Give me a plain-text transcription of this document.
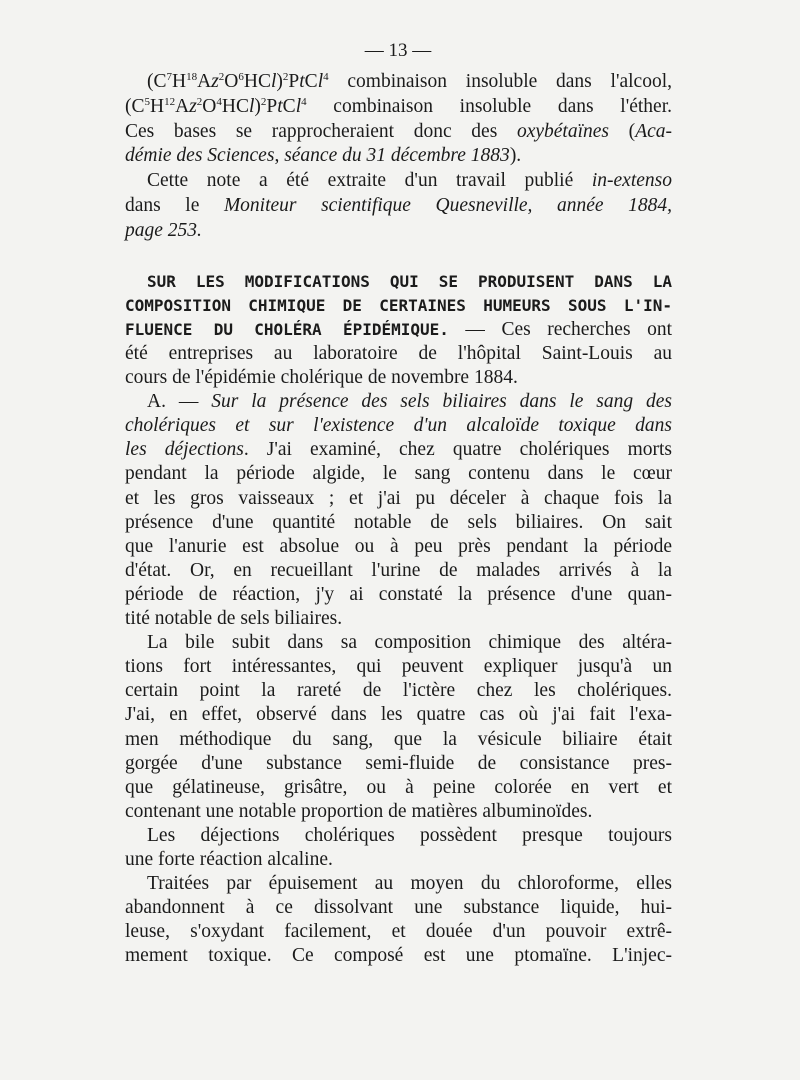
— 13 —
$(C^7H^{18}Az^2O^6HCl)^2PtCl^4$ combinaison insoluble dans l'alcool,
$(C^5H^{12}Az^2O^4HCl)^2PtCl^4$ combinaison insoluble dans l'éther.
Ces bases se rapprocheraient donc des oxybétaïnes (Aca-
démie des Sciences, séance du 31 décembre 1883).
Cette note a été extraite d'un travail publié in-extenso
dans le Moniteur scientifique Quesneville, année 1884,
page 253.
SUR LES MODIFICATIONS QUI SE PRODUISENT DANS LA
COMPOSITION CHIMIQUE DE CERTAINES HUMEURS SOUS L'IN-
FLUENCE DU CHOLÉRA ÉPIDÉMIQUE. — Ces recherches ont
été entreprises au laboratoire de l'hôpital Saint-Louis au
cours de l'épidémie cholérique de novembre 1884.
A. — Sur la présence des sels biliaires dans le sang des
cholériques et sur l'existence d'un alcaloïde toxique dans
les déjections. J'ai examiné, chez quatre cholériques morts
pendant la période algide, le sang contenu dans le cœur
et les gros vaisseaux ; et j'ai pu déceler à chaque fois la
présence d'une quantité notable de sels biliaires. On sait
que l'anurie est absolue ou à peu près pendant la période
d'état. Or, en recueillant l'urine de malades arrivés à la
période de réaction, j'y ai constaté la présence d'une quan-
tité notable de sels biliaires.
La bile subit dans sa composition chimique des altéra-
tions fort intéressantes, qui peuvent expliquer jusqu'à un
certain point la rareté de l'ictère chez les cholériques.
J'ai, en effet, observé dans les quatre cas où j'ai fait l'exa-
men méthodique du sang, que la vésicule biliaire était
gorgée d'une substance semi-fluide de consistance pres-
que gélatineuse, grisâtre, ou à peine colorée en vert et
contenant une notable proportion de matières albuminoïdes.
Les déjections cholériques possèdent presque toujours
une forte réaction alcaline.
Traitées par épuisement au moyen du chloroforme, elles
abandonnent à ce dissolvant une substance liquide, hui-
leuse, s'oxydant facilement, et douée d'un pouvoir extrê-
mement toxique. Ce composé est une ptomaïne. L'injec-
